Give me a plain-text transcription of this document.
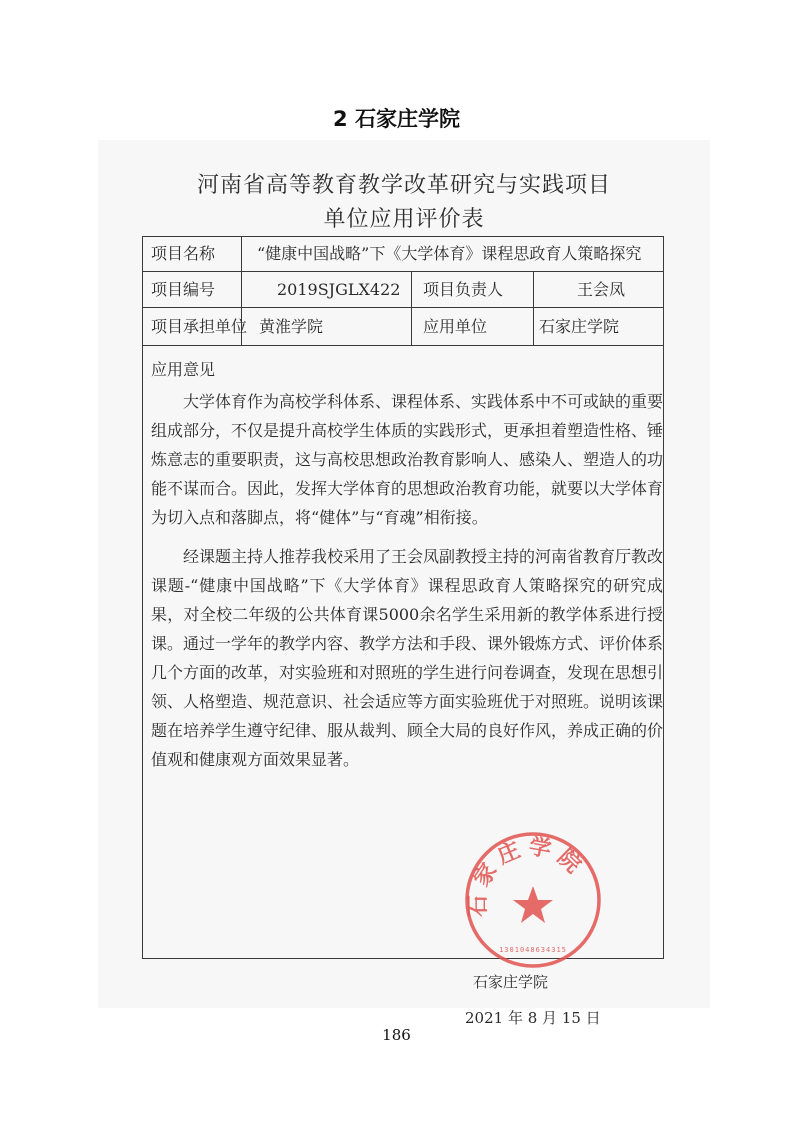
2 石家庄学院
河南省高等教育教学改革研究与实践项目
单位应用评价表
项目名称	“健康中国战略”下《大学体育》课程思政育人策略探究
项目编号	2019SJGLX422 项目负责人	王会凤
项目承担单位 黄淮学院	应用单位	石家庄学院
应用意见

大学体育作为高校学科体系、课程体系、实践体系中不可或缺的重要组成部分，不仅是提升高校学生体质的实践形式，更承担着塑造性格、锤炼意志的重要职责，这与高校思想政治教育影响人、感染人、塑造人的功能不谋而合。因此，发挥大学体育的思想政治教育功能，就要以大学体育为切入点和落脚点，将“健体”与“育魂”相衔接。

经课题主持人推荐我校采用了王会凤副教授主持的河南省教育厅教改课题-“健康中国战略”下《大学体育》课程思政育人策略探究的研究成果，对全校二年级的公共体育课5000余名学生采用新的教学体系进行授课。通过一学年的教学内容、教学方法和手段、课外锻炼方式、评价体系几个方面的改革，对实验班和对照班的学生进行问卷调查，发现在思想引领、人格塑造、规范意识、社会适应等方面实验班优于对照班。说明该课题在培养学生遵守纪律、服从裁判、顾全大局的良好作风，养成正确的价值观和健康观方面效果显著。

石家庄学院
2021 年 8 月 15 日
石家庄学院
1301048634315
186
